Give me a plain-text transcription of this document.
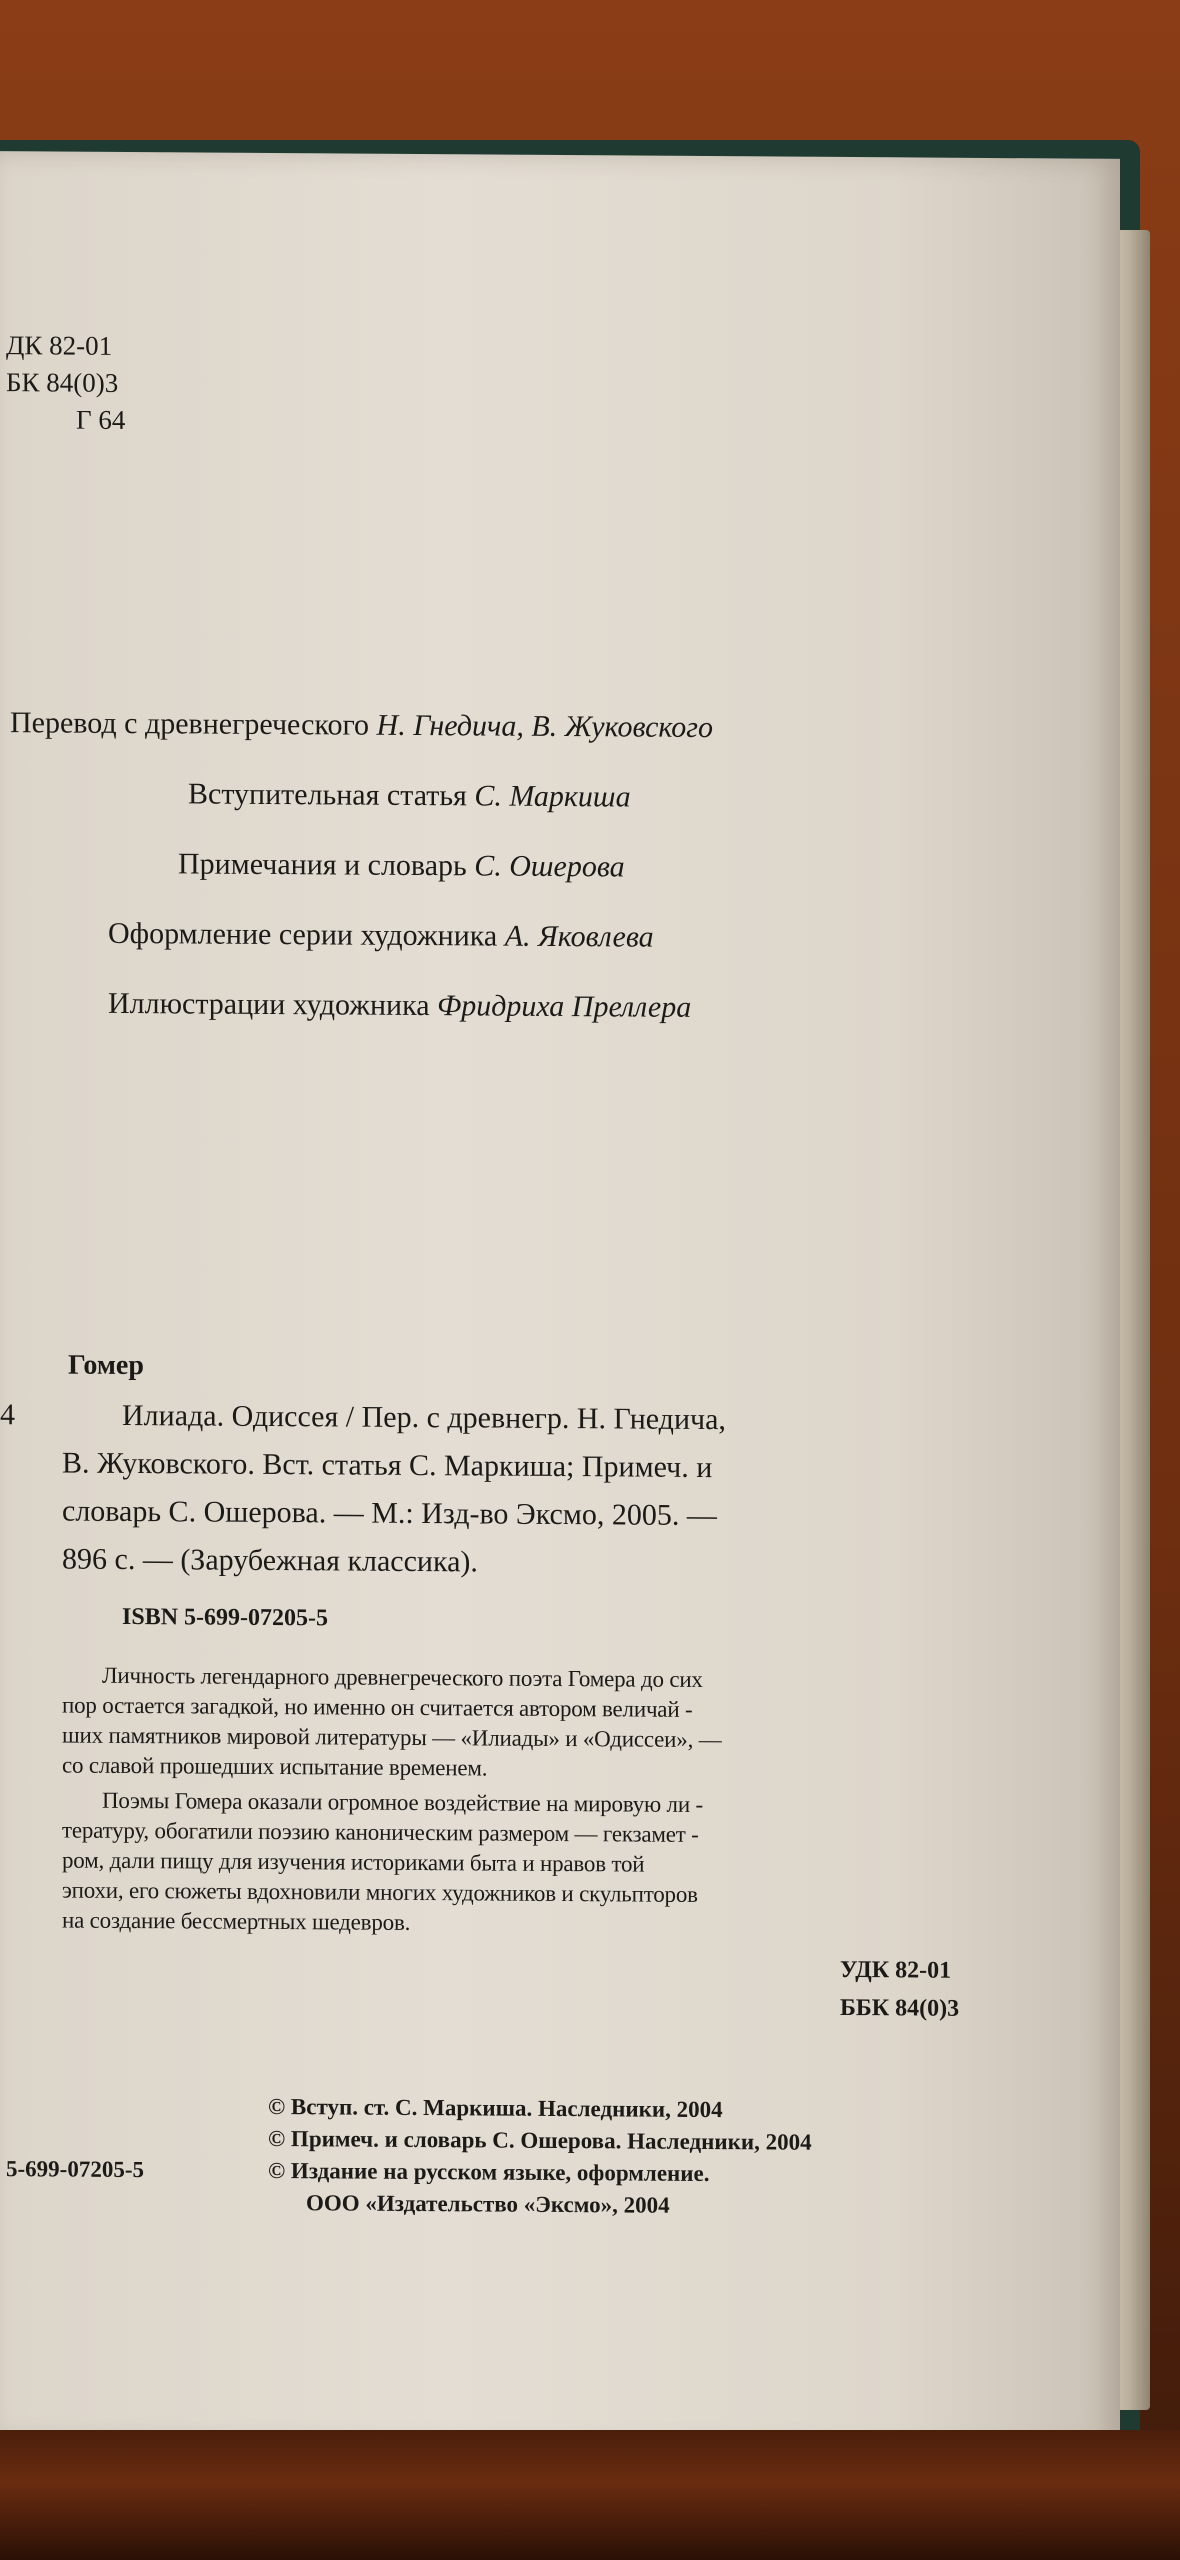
ДК 82-01
БК 84(0)3
Г 64
Перевод с древнегреческого Н. Гнедича, В. Жуковского
Вступительная статья С. Маркиша
Примечания и словарь С. Ошерова
Оформление серии художника А. Яковлева
Иллюстрации художника Фридриха Преллера
Гомер
4	Илиада. Одиссея / Пер. с древнегр. Н. Гнедича,
В. Жуковского. Вст. статья С. Маркиша; Примеч. и
словарь С. Ошерова. — М.: Изд-во Эксмо, 2005. —
896 с. — (Зарубежная классика).
ISBN 5-699-07205-5
Личность легендарного древнегреческого поэта Гомера до сих
пор остается загадкой, но именно он считается автором величай -
ших памятников мировой литературы — «Илиады» и «Одиссеи», —
со славой прошедших испытание временем.
Поэмы Гомера оказали огромное воздействие на мировую ли -
тературу, обогатили поэзию каноническим размером — гекзамет -
ром, дали пищу для изучения историками быта и нравов той
эпохи, его сюжеты вдохновили многих художников и скульпторов
на создание бессмертных шедевров.
УДК 82-01
ББК 84(0)3
© Вступ. ст. С. Маркиша. Наследники, 2004
© Примеч. и словарь С. Ошерова. Наследники, 2004
© Издание на русском языке, оформление.
ООО «Издательство «Эксмо», 2004
5-699-07205-5
